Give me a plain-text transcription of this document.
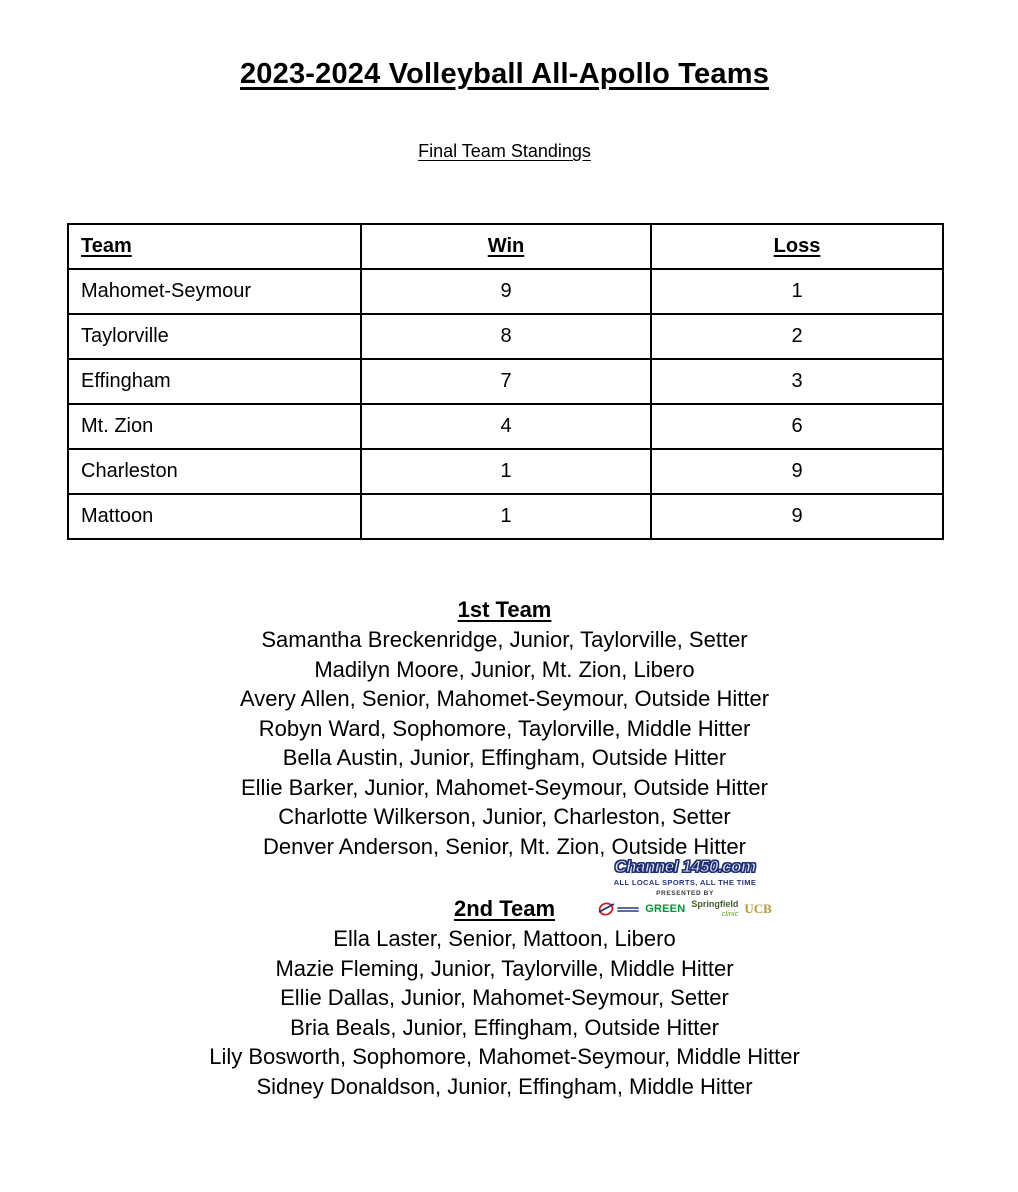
2023-2024 Volleyball All-Apollo Teams
Final Team Standings
Team	Win	Loss
Mahomet-Seymour	9	1
Taylorville	8	2
Effingham	7	3
Mt. Zion	4	6
Charleston	1	9
Mattoon	1	9
1st Team
Samantha Breckenridge, Junior, Taylorville, Setter
Madilyn Moore, Junior, Mt. Zion, Libero
Avery Allen, Senior, Mahomet-Seymour, Outside Hitter
Robyn Ward, Sophomore, Taylorville, Middle Hitter
Bella Austin, Junior, Effingham, Outside Hitter
Ellie Barker, Junior, Mahomet-Seymour, Outside Hitter
Charlotte Wilkerson, Junior, Charleston, Setter
Denver Anderson, Senior, Mt. Zion, Outside Hitter
Channel 1450.com
ALL LOCAL SPORTS, ALL THE TIME
PRESENTED BY
GREEN Springfield
clinic UCB
2nd Team
Ella Laster, Senior, Mattoon, Libero
Mazie Fleming, Junior, Taylorville, Middle Hitter
Ellie Dallas, Junior, Mahomet-Seymour, Setter
Bria Beals, Junior, Effingham, Outside Hitter
Lily Bosworth, Sophomore, Mahomet-Seymour, Middle Hitter
Sidney Donaldson, Junior, Effingham, Middle Hitter
